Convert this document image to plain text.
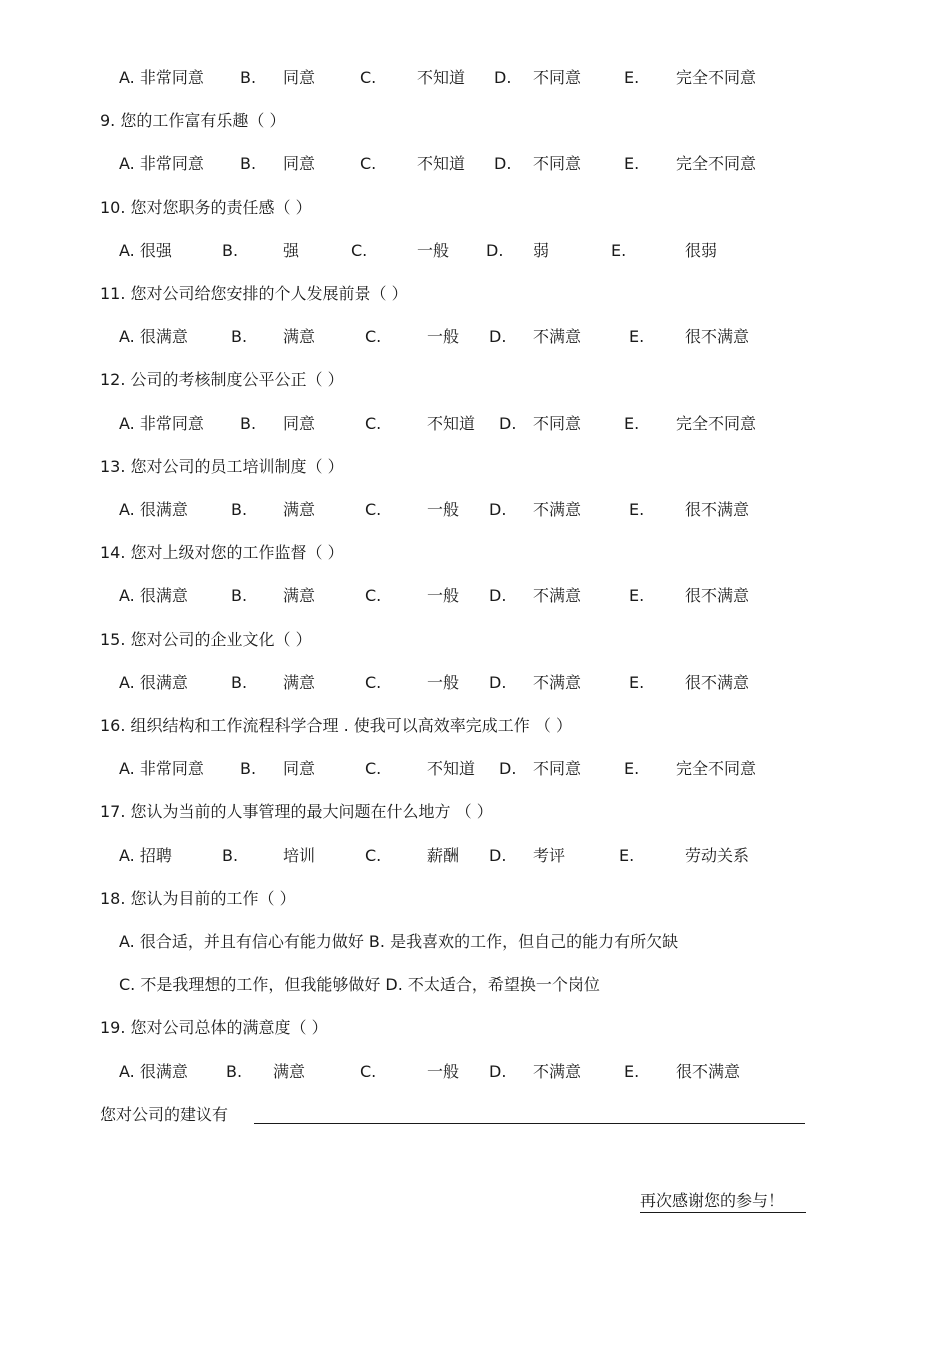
A. 非常同意 B. 同意	C.	不知道 D. 不同意	E. 完全不同意
9. 您的工作富有乐趣（ ）
A. 非常同意 B. 同意	C.	不知道 D. 不同意	E. 完全不同意
10. 您对您职务的责任感（ ）
A. 很强	B.	强	C.	一般 D. 弱	E.	很弱
11. 您对公司给您安排的个人发展前景（ ）
A. 很满意	B. 满意	C.	一般 D. 不满意	E.	很不满意
12. 公司的考核制度公平公正（ ）
A. 非常同意 B. 同意	C.	不知道 D. 不同意	E. 完全不同意
13. 您对公司的员工培训制度（ ）
A. 很满意	B. 满意	C.	一般 D. 不满意	E.	很不满意
14. 您对上级对您的工作监督（ ）
A. 很满意	B. 满意	C.	一般 D. 不满意	E.	很不满意
15. 您对公司的企业文化（ ）
A. 很满意	B. 满意	C.	一般 D. 不满意	E.	很不满意
16. 组织结构和工作流程科学合理 . 使我可以高效率完成工作 （ ）
A. 非常同意 B. 同意	C.	不知道 D. 不同意	E. 完全不同意
17. 您认为当前的人事管理的最大问题在什么地方 （ ）
A. 招聘	B.	培训	C.	薪酬 D. 考评	E.	劳动关系
18. 您认为目前的工作（ ）
A. 很合适，并且有信心有能力做好 B. 是我喜欢的工作，但自己的能力有所欠缺
C. 不是我理想的工作，但我能够做好 D. 不太适合，希望换一个岗位
19. 您对公司总体的满意度（ ）
A. 很满意 B. 满意	C.	一般 D. 不满意	E. 很不满意
您对公司的建议有
再次感谢您的参与！
